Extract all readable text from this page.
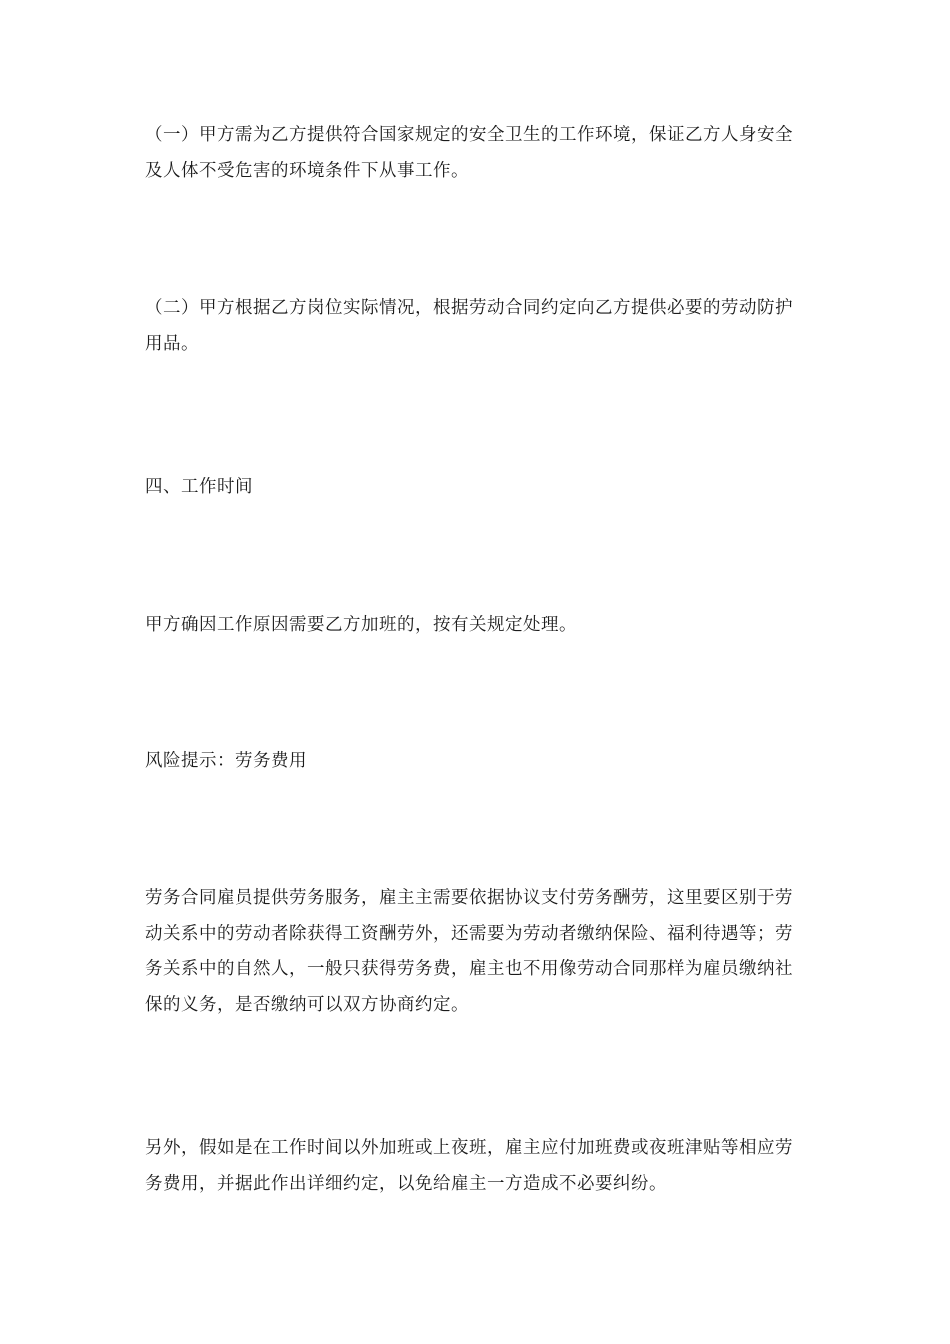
（一）甲方需为乙方提供符合国家规定的安全卫生的工作环境，保证乙方人身安全及人体不受危害的环境条件下从事工作。

（二）甲方根据乙方岗位实际情况，根据劳动合同约定向乙方提供必要的劳动防护用品。

四、工作时间

甲方确因工作原因需要乙方加班的，按有关规定处理。

风险提示：劳务费用

劳务合同雇员提供劳务服务，雇主主需要依据协议支付劳务酬劳，这里要区别于劳动关系中的劳动者除获得工资酬劳外，还需要为劳动者缴纳保险、福利待遇等；劳务关系中的自然人，一般只获得劳务费，雇主也不用像劳动合同那样为雇员缴纳社保的义务，是否缴纳可以双方协商约定。

另外，假如是在工作时间以外加班或上夜班，雇主应付加班费或夜班津贴等相应劳务费用，并据此作出详细约定，以免给雇主一方造成不必要纠纷。
